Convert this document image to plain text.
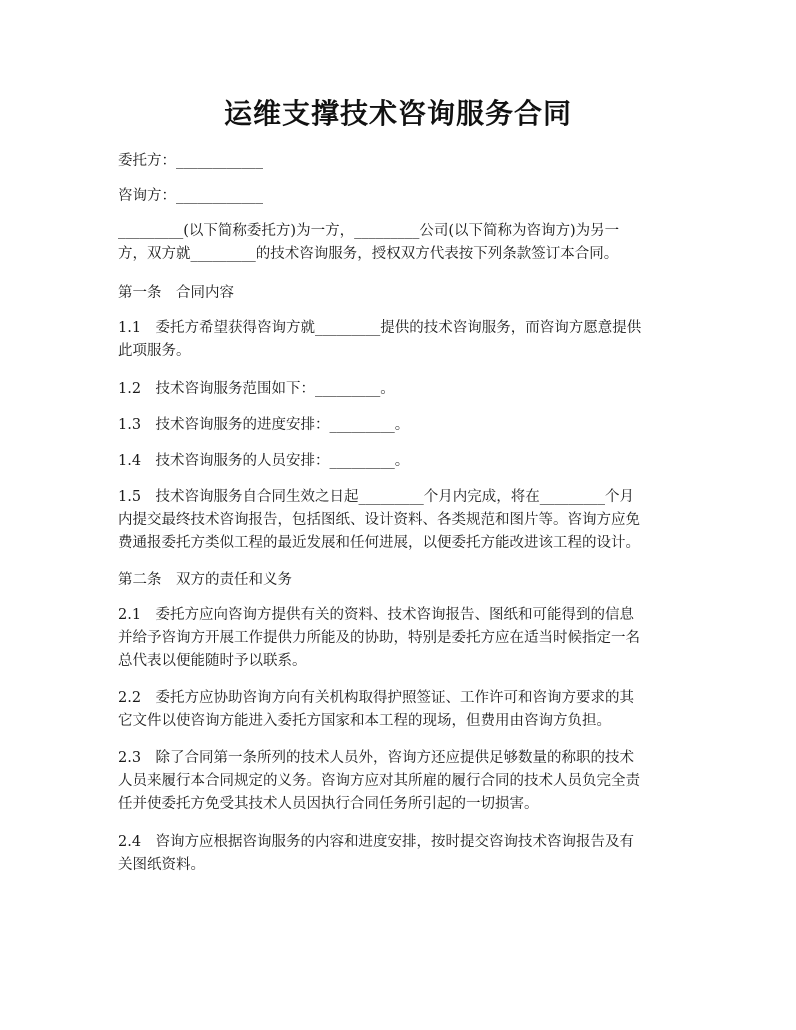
运维支撑技术咨询服务合同
委托方：____________
咨询方：____________
_________(以下简称委托方)为一方，_________公司(以下简称为咨询方)为另一
方，双方就_________的技术咨询服务，授权双方代表按下列条款签订本合同。
第一条　合同内容
1.1　委托方希望获得咨询方就_________提供的技术咨询服务，而咨询方愿意提供
此项服务。
1.2　技术咨询服务范围如下：_________。
1.3　技术咨询服务的进度安排：_________。
1.4　技术咨询服务的人员安排：_________。
1.5　技术咨询服务自合同生效之日起_________个月内完成，将在_________个月
内提交最终技术咨询报告，包括图纸、设计资料、各类规范和图片等。咨询方应免
费通报委托方类似工程的最近发展和任何进展，以便委托方能改进该工程的设计。
第二条　双方的责任和义务
2.1　委托方应向咨询方提供有关的资料、技术咨询报告、图纸和可能得到的信息
并给予咨询方开展工作提供力所能及的协助，特别是委托方应在适当时候指定一名
总代表以便能随时予以联系。
2.2　委托方应协助咨询方向有关机构取得护照签证、工作许可和咨询方要求的其
它文件以使咨询方能进入委托方国家和本工程的现场，但费用由咨询方负担。
2.3　除了合同第一条所列的技术人员外，咨询方还应提供足够数量的称职的技术
人员来履行本合同规定的义务。咨询方应对其所雇的履行合同的技术人员负完全责
任并使委托方免受其技术人员因执行合同任务所引起的一切损害。
2.4　咨询方应根据咨询服务的内容和进度安排，按时提交咨询技术咨询报告及有
关图纸资料。
